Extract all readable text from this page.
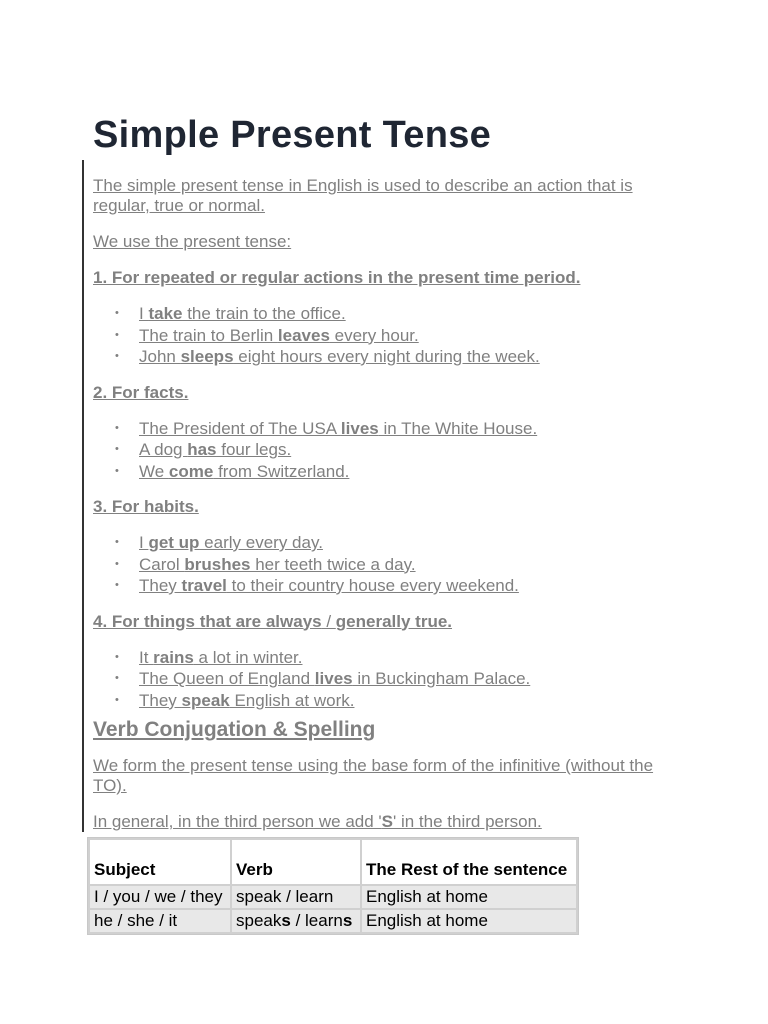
Simple Present Tense

The simple present tense in English is used to describe an action that is regular, true or normal.

We use the present tense:

1. For repeated or regular actions in the present time period.

• I take the train to the office.
• The train to Berlin leaves every hour.
• John sleeps eight hours every night during the week.

2. For facts.

• The President of The USA lives in The White House.
• A dog has four legs.
• We come from Switzerland.

3. For habits.

• I get up early every day.
• Carol brushes her teeth twice a day.
• They travel to their country house every weekend.

4. For things that are always / generally true.

• It rains a lot in winter.
• The Queen of England lives in Buckingham Palace.
• They speak English at work.
Verb Conjugation & Spelling

We form the present tense using the base form of the infinitive (without the TO).

In general, in the third person we add 'S' in the third person.

Subject	Verb	The Rest of the sentence
I / you / we / they	speak / learn	English at home
he / she / it	speaks / learns	English at home
